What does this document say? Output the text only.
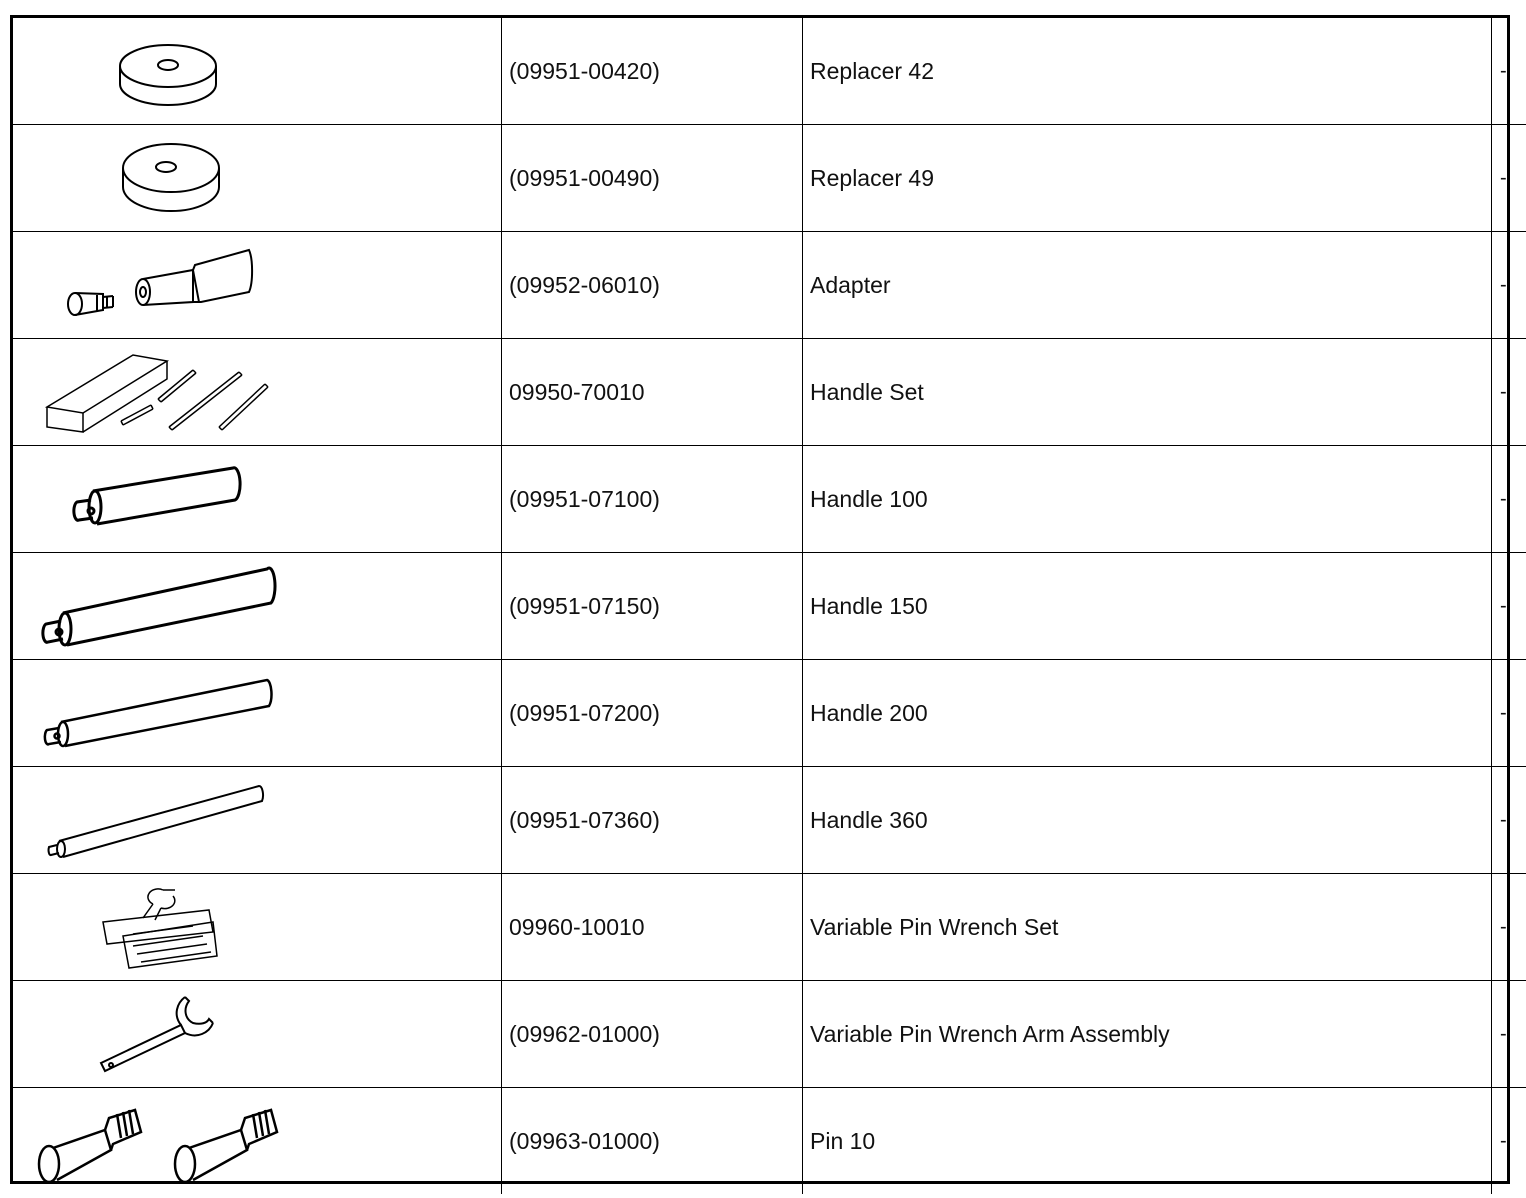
	(09951-00420)	Replacer 42	-

	(09951-00490)	Replacer 49	-

	(09952-06010)	Adapter	-

	09950-70010	Handle Set	-

	(09951-07100)	Handle 100	-

	(09951-07150)	Handle 150	-

	(09951-07200)	Handle 200	-

	(09951-07360)	Handle 360	-

	09960-10010	Variable Pin Wrench Set	-

	(09962-01000)	Variable Pin Wrench Arm Assembly	-

	(09963-01000)	Pin 10	-
